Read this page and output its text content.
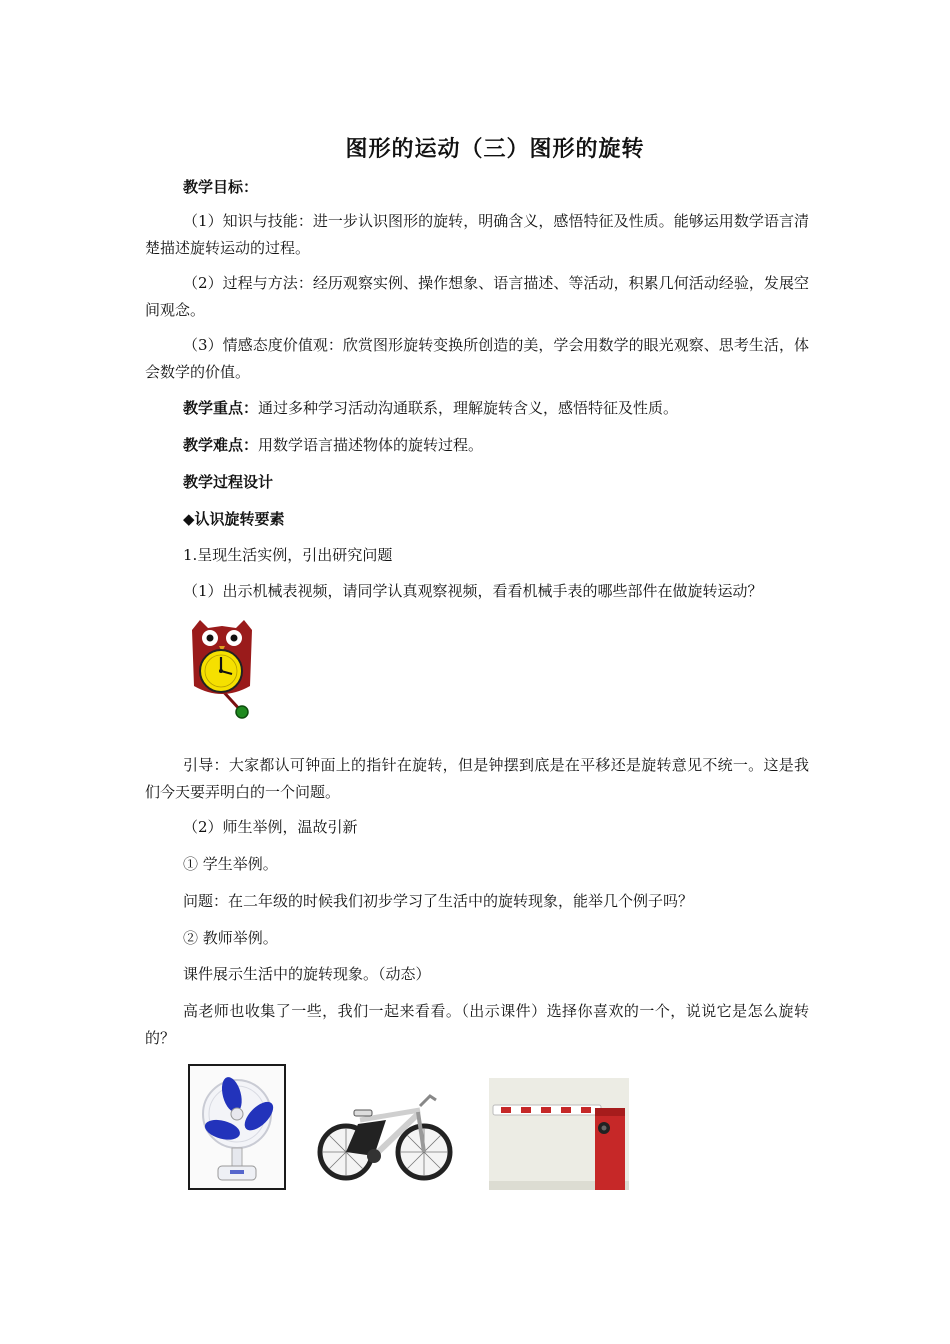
图形的运动（三）图形的旋转
教学目标：
（1）知识与技能：进一步认识图形的旋转，明确含义，感悟特征及性质。能够运用数学语言清楚描述旋转运动的过程。
（2）过程与方法：经历观察实例、操作想象、语言描述、等活动，积累几何活动经验，发展空间观念。
（3）情感态度价值观：欣赏图形旋转变换所创造的美，学会用数学的眼光观察、思考生活，体会数学的价值。
教学重点：通过多种学习活动沟通联系，理解旋转含义，感悟特征及性质。
教学难点：用数学语言描述物体的旋转过程。
教学过程设计
◆认识旋转要素
1.呈现生活实例，引出研究问题
（1）出示机械表视频，请同学认真观察视频，看看机械手表的哪些部件在做旋转运动？
引导：大家都认可钟面上的指针在旋转，但是钟摆到底是在平移还是旋转意见不统一。这是我们今天要弄明白的一个问题。
（2）师生举例，温故引新
① 学生举例。
问题：在二年级的时候我们初步学习了生活中的旋转现象，能举几个例子吗？
② 教师举例。
课件展示生活中的旋转现象。（动态）
高老师也收集了一些，我们一起来看看。（出示课件）选择你喜欢的一个，说说它是怎么旋转的？
